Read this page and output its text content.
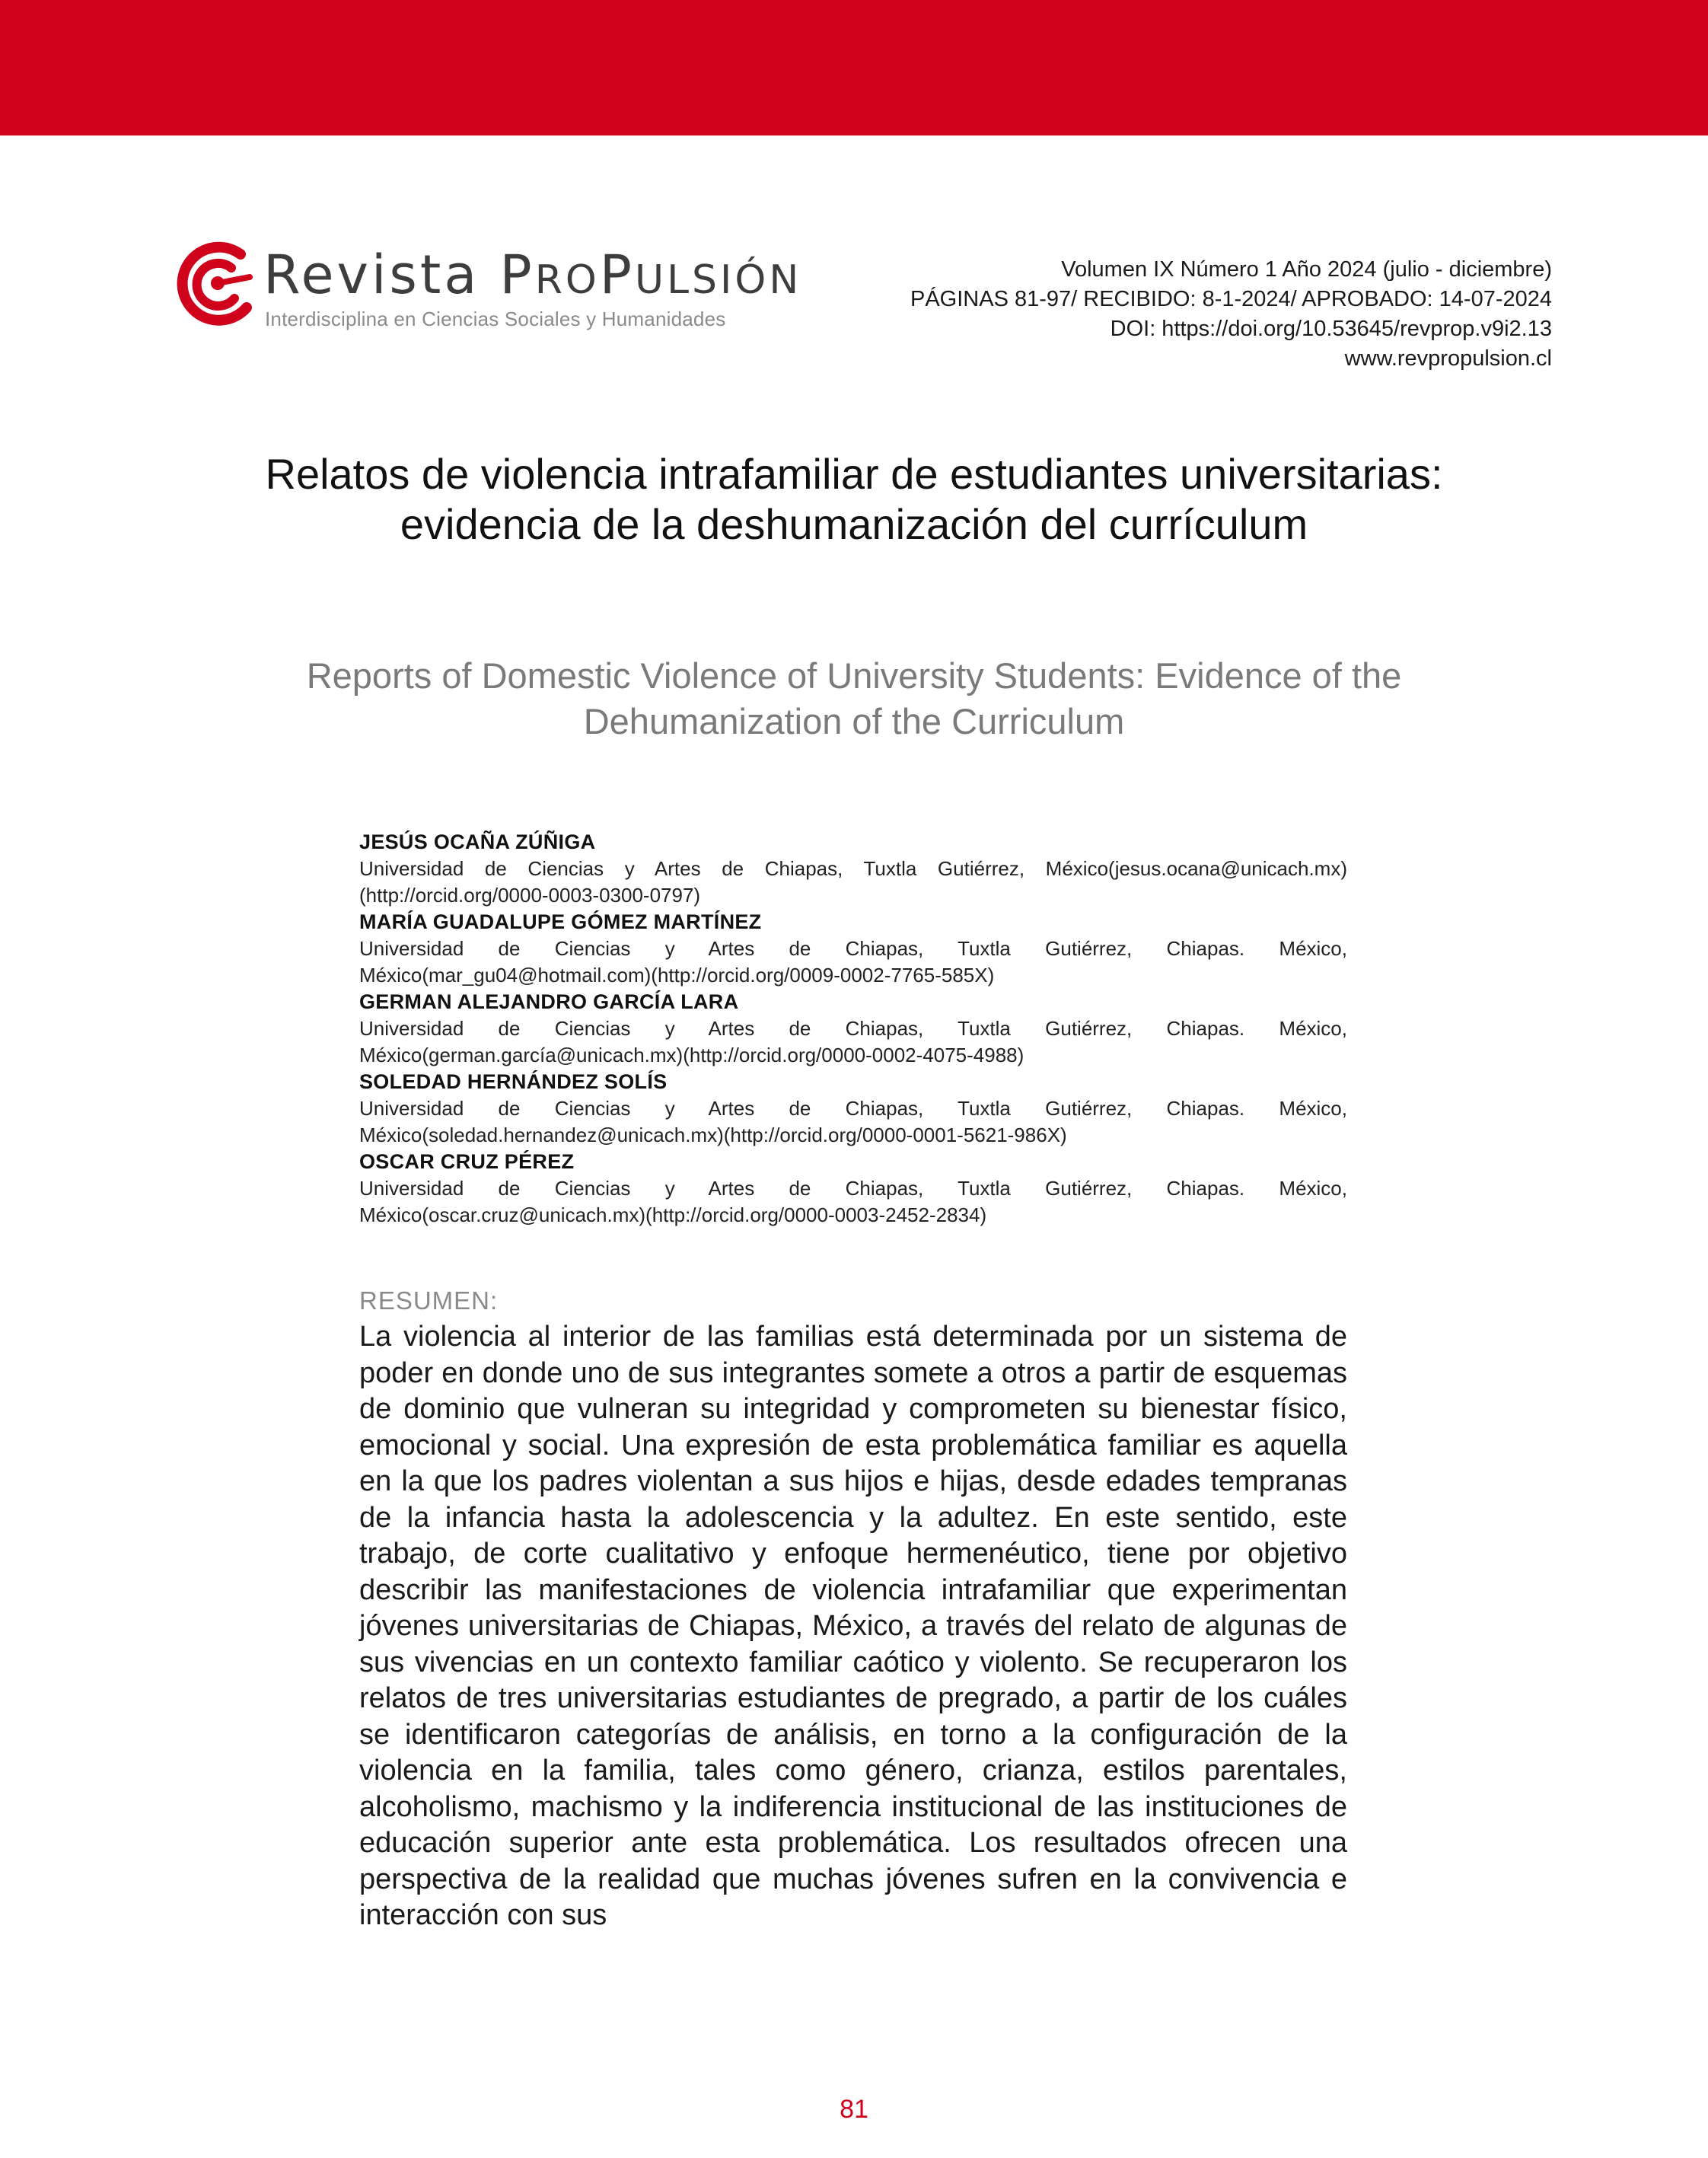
Revista PROPULSIÓN

Interdisciplina en Ciencias Sociales y Humanidades

Volumen IX Número 1 Año 2024 (julio - diciembre)
PÁGINAS 81-97/ RECIBIDO: 8-1-2024/ APROBADO: 14-07-2024
DOI: https://doi.org/10.53645/revprop.v9i2.13
www.revpropulsion.cl
Relatos de violencia intrafamiliar de estudiantes universitarias: evidencia de la deshumanización del currículum
Reports of Domestic Violence of University Students: Evidence of the Dehumanization of the Curriculum

JESÚS OCAÑA ZÚÑIGA

Universidad de Ciencias y Artes de Chiapas, Tuxtla Gutiérrez, México(jesus.ocana@unicach.mx)(http://orcid.org/0000-0003-0300-0797)

MARÍA GUADALUPE GÓMEZ MARTÍNEZ

Universidad de Ciencias y Artes de Chiapas, Tuxtla Gutiérrez, Chiapas. México, México(mar_gu04@hotmail.com)(http://orcid.org/0009-0002-7765-585X)

GERMAN ALEJANDRO GARCÍA LARA

Universidad de Ciencias y Artes de Chiapas, Tuxtla Gutiérrez, Chiapas. México, México(german.garcía@unicach.mx)(http://orcid.org/0000-0002-4075-4988)

SOLEDAD HERNÁNDEZ SOLÍS

Universidad de Ciencias y Artes de Chiapas, Tuxtla Gutiérrez, Chiapas. México, México(soledad.hernandez@unicach.mx)(http://orcid.org/0000-0001-5621-986X)

OSCAR CRUZ PÉREZ

Universidad de Ciencias y Artes de Chiapas, Tuxtla Gutiérrez, Chiapas. México, México(oscar.cruz@unicach.mx)(http://orcid.org/0000-0003-2452-2834)

RESUMEN:

La violencia al interior de las familias está determinada por un sistema de poder en donde uno de sus integrantes somete a otros a partir de esquemas de dominio que vulneran su integridad y comprometen su bienestar físico, emocional y social. Una expresión de esta problemática familiar es aquella en la que los padres violentan a sus hijos e hijas, desde edades tempranas de la infancia hasta la adolescencia y la adultez. En este sentido, este trabajo, de corte cualitativo y enfoque hermenéutico, tiene por objetivo describir las manifestaciones de violencia intrafamiliar que experimentan jóvenes universitarias de Chiapas, México, a través del relato de algunas de sus vivencias en un contexto familiar caótico y violento. Se recuperaron los relatos de tres universitarias estudiantes de pregrado, a partir de los cuáles se identificaron categorías de análisis, en torno a la configuración de la violencia en la familia, tales como género, crianza, estilos parentales, alcoholismo, machismo y la indiferencia institucional de las instituciones de educación superior ante esta problemática. Los resultados ofrecen una perspectiva de la realidad que muchas jóvenes sufren en la convivencia e interacción con sus

81
